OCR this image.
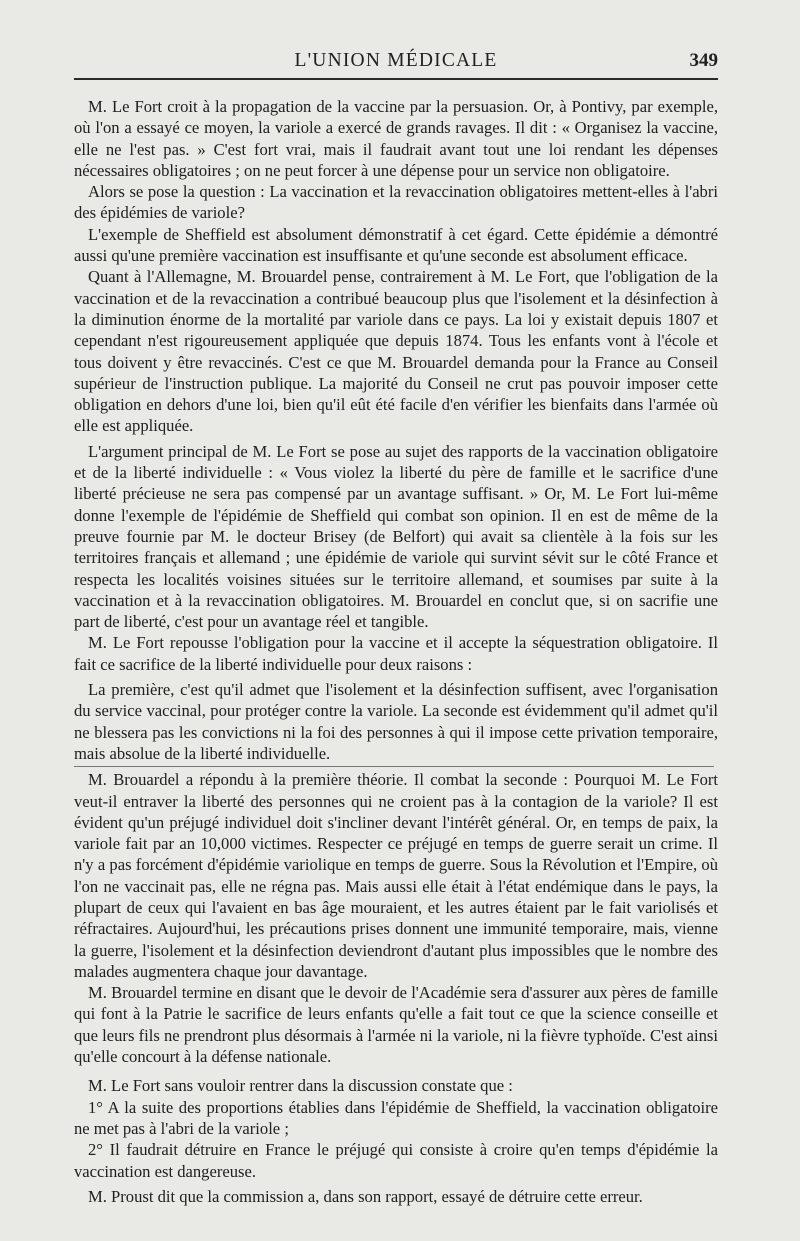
L'UNION MÉDICALE	349

M. Le Fort croit à la propagation de la vaccine par la persuasion. Or, à Pontivy, par exemple, où l'on a essayé ce moyen, la variole a exercé de grands ravages. Il dit : « Organisez la vaccine, elle ne l'est pas. » C'est fort vrai, mais il faudrait avant tout une loi rendant les dépenses nécessaires obligatoires ; on ne peut forcer à une dépense pour un service non obligatoire.

Alors se pose la question : La vaccination et la revaccination obligatoires mettent-elles à l'abri des épidémies de variole?

L'exemple de Sheffield est absolument démonstratif à cet égard. Cette épidémie a démontré aussi qu'une première vaccination est insuffisante et qu'une seconde est absolument efficace.

Quant à l'Allemagne, M. Brouardel pense, contrairement à M. Le Fort, que l'obligation de la vaccination et de la revaccination a contribué beaucoup plus que l'isolement et la désinfection à la diminution énorme de la mortalité par variole dans ce pays. La loi y existait depuis 1807 et cependant n'est rigoureusement appliquée que depuis 1874. Tous les enfants vont à l'école et tous doivent y être revaccinés. C'est ce que M. Brouardel demanda pour la France au Conseil supérieur de l'instruction publique. La majorité du Conseil ne crut pas pouvoir imposer cette obligation en dehors d'une loi, bien qu'il eût été facile d'en vérifier les bienfaits dans l'armée où elle est appliquée.

L'argument principal de M. Le Fort se pose au sujet des rapports de la vaccination obligatoire et de la liberté individuelle : « Vous violez la liberté du père de famille et le sacrifice d'une liberté précieuse ne sera pas compensé par un avantage suffisant. » Or, M. Le Fort lui-même donne l'exemple de l'épidémie de Sheffield qui combat son opinion. Il en est de même de la preuve fournie par M. le docteur Brisey (de Belfort) qui avait sa clientèle à la fois sur les territoires français et allemand ; une épidémie de variole qui survint sévit sur le côté France et respecta les localités voisines situées sur le territoire allemand, et soumises par suite à la vaccination et à la revaccination obligatoires. M. Brouardel en conclut que, si on sacrifie une part de liberté, c'est pour un avantage réel et tangible.

M. Le Fort repousse l'obligation pour la vaccine et il accepte la séquestration obligatoire. Il fait ce sacrifice de la liberté individuelle pour deux raisons :

La première, c'est qu'il admet que l'isolement et la désinfection suffisent, avec l'organisation du service vaccinal, pour protéger contre la variole. La seconde est évidemment qu'il admet qu'il ne blessera pas les convictions ni la foi des personnes à qui il impose cette privation temporaire, mais absolue de la liberté individuelle.

M. Brouardel a répondu à la première théorie. Il combat la seconde : Pourquoi M. Le Fort veut-il entraver la liberté des personnes qui ne croient pas à la contagion de la variole? Il est évident qu'un préjugé individuel doit s'incliner devant l'intérêt général. Or, en temps de paix, la variole fait par an 10,000 victimes. Respecter ce préjugé en temps de guerre serait un crime. Il n'y a pas forcément d'épidémie variolique en temps de guerre. Sous la Révolution et l'Empire, où l'on ne vaccinait pas, elle ne régna pas. Mais aussi elle était à l'état endémique dans le pays, la plupart de ceux qui l'avaient en bas âge mouraient, et les autres étaient par le fait variolisés et réfractaires. Aujourd'hui, les précautions prises donnent une immunité temporaire, mais, vienne la guerre, l'isolement et la désinfection deviendront d'autant plus impossibles que le nombre des malades augmentera chaque jour davantage.

M. Brouardel termine en disant que le devoir de l'Académie sera d'assurer aux pères de famille qui font à la Patrie le sacrifice de leurs enfants qu'elle a fait tout ce que la science conseille et que leurs fils ne prendront plus désormais à l'armée ni la variole, ni la fièvre typhoïde. C'est ainsi qu'elle concourt à la défense nationale.

M. Le Fort sans vouloir rentrer dans la discussion constate que :

1° A la suite des proportions établies dans l'épidémie de Sheffield, la vaccination obligatoire ne met pas à l'abri de la variole ;

2° Il faudrait détruire en France le préjugé qui consiste à croire qu'en temps d'épidémie la vaccination est dangereuse.

M. Proust dit que la commission a, dans son rapport, essayé de détruire cette erreur.
